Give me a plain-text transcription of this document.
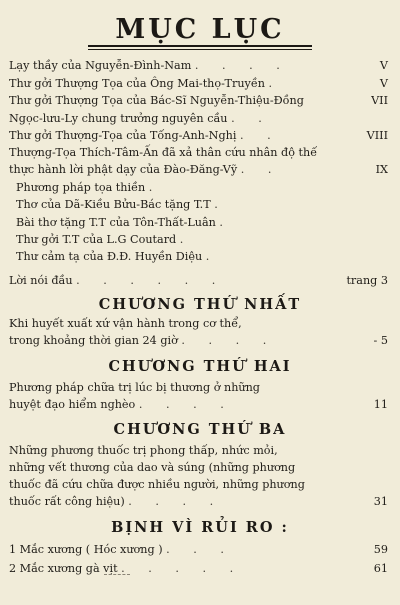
MỤC LỤC
Lạy thầy của Nguyễn-Đình-Nam . . . .	V
Thư gởi Thượng Tọa của Ông Mai-thọ-Truyền .	V
Thư gởi Thượng Tọa của Bác-Sĩ Nguyễn-Thiệu-Đồng	VII
Ngọc-lưu-Ly chung trưởng nguyên cầu . .
Thư gởi Thượng-Tọa của Tống-Anh-Nghị . .	VIII
Thượng-Tọa Thích-Tâm-Ấn đã xả thân cứu nhân độ thế
thực hành lời phật dạy của Đào-Đăng-Vỹ . .	IX
Phương pháp tọa thiền .
Thơ của Dã-Kiều Bửu-Bác tặng T.T .
Bài thơ tặng T.T của Tôn-Thất-Luân .
Thư gởi T.T của L.G Coutard .
Thư cảm tạ của Đ.Đ. Huyền Diệu .
Lời nói đầu . . . . . .	trang 3
CHƯƠNG THỨ NHẤT
Khi huyết xuất xứ vận hành trong cơ thể,
trong khoảng thời gian 24 giờ . . . .	- 5
CHƯƠNG THỨ HAI
Phương pháp chữa trị lúc bị thương ở những
huyệt đạo hiểm nghèo . . . .	11
CHƯƠNG THỨ BA
Những phương thuốc trị phong thấp, nhức mỏi,
những vết thương của dao và súng (những phương
thuốc đã cứu chữa được nhiều người, những phương
thuốc rất công hiệu) . . . .	31
BỊNH VÌ RỦI RO :
1 Mắc xương ( Hóc xương ) . . .	59
2 Mắc xương gà vịt . . . . .	61
